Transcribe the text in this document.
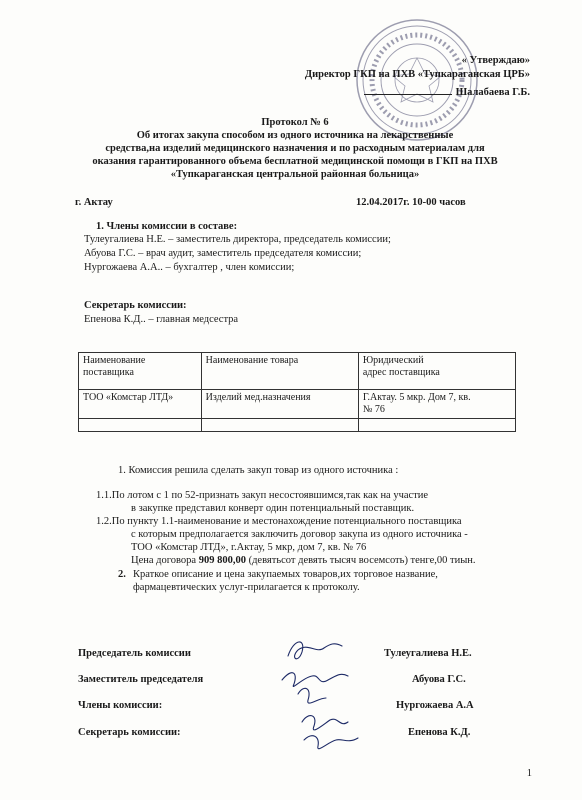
« Утверждаю»
Директор ГКП на ПХВ «Тупкараганская ЦРБ»
Шалабаева Г.Б.
Протокол № 6
Об итогах закупа способом из одного источника на лекарственные
средства,на изделий медицинского назначения и по расходным материалам для
оказания гарантированного объема бесплатной медицинской помощи в ГКП на ПХВ
«Тупкараганская центральной районная больница»
г. Актау	12.04.2017г. 10-00 часов
1. Члены комиссии в составе:
Тулеугалиева Н.Е. – заместитель директора, председатель комиссии;
Абуова Г.С. – врач аудит, заместитель председателя комиссии;
Нургожаева А.А.. – бухгалтер , член комиссии;
Секретарь комиссии:
Епенова К.Д.. – главная медсестра
Наименование поставщика	Наименование товара	Юридический адрес поставщика
ТОО «Комстар ЛТД»	Изделий мед.назначения	Г.Актау. 5 мкр. Дом 7, кв. № 76

1. Комиссия решила сделать закуп товар из одного источника :
1.1.По лотом с 1 по 52-признать закуп несостоявшимся,так как на участие
в закупке представил конверт один потенциальный поставщик.
1.2.По пункту 1.1-наименование и местонахождение потенциального поставщика
с которым предполагается заключить договор закупа из одного источника -
ТОО «Комстар ЛТД», г.Актау, 5 мкр, дом 7, кв. № 76
Цена договора 909 800,00 (девятьсот девять тысяч восемсоть) тенге,00 тиын.
2. Краткое описание и цена закупаемых товаров,их торговое название,
фармацевтических услуг-прилагается к протоколу.
Председатель комиссии	Тулеугалиева Н.Е.
Заместитель председателя	Абуова Г.С.
Члены комиссии:	Нургожаева А.А
Секретарь комиссии:	Епенова К.Д.
1
